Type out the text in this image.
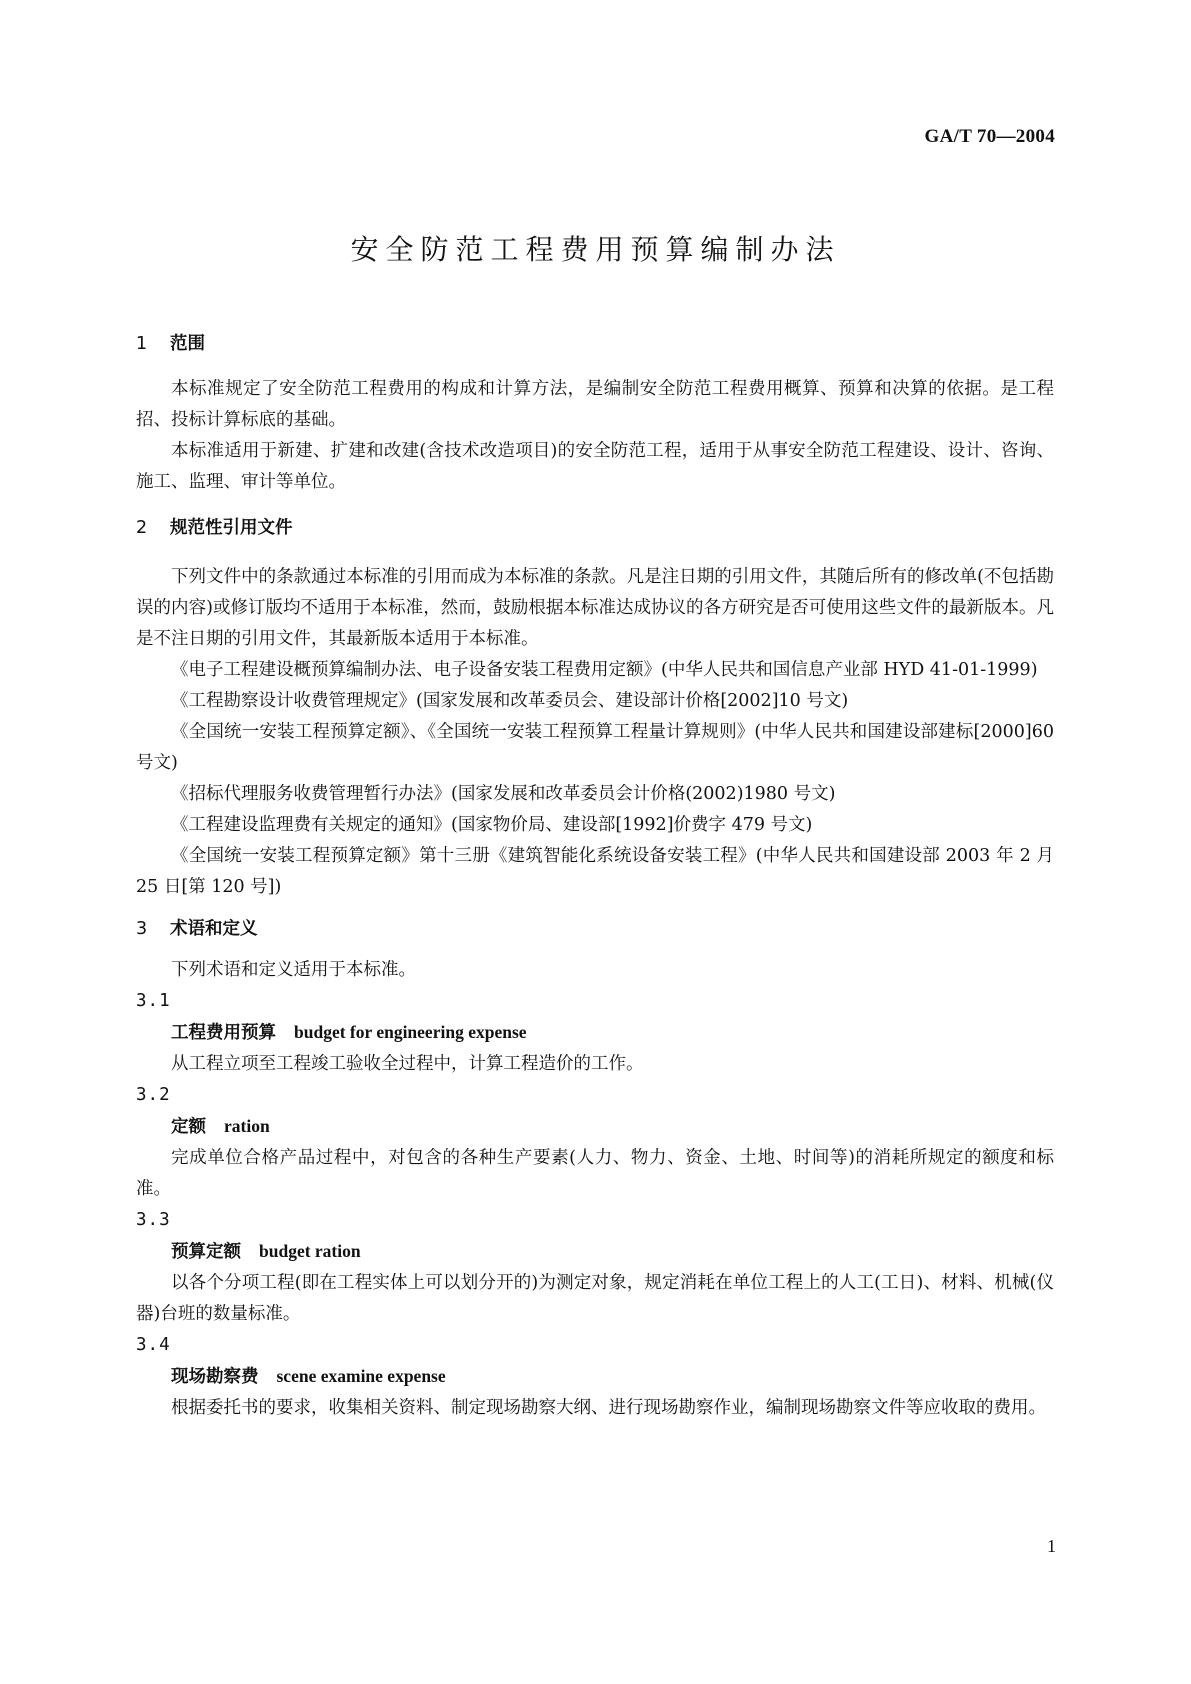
GA/T 70—2004
安全防范工程费用预算编制办法
1 范围

本标准规定了安全防范工程费用的构成和计算方法，是编制安全防范工程费用概算、预算和决算的依据。是工程招、投标计算标底的基础。

本标准适用于新建、扩建和改建(含技术改造项目)的安全防范工程，适用于从事安全防范工程建设、设计、咨询、施工、监理、审计等单位。

2 规范性引用文件

下列文件中的条款通过本标准的引用而成为本标准的条款。凡是注日期的引用文件，其随后所有的修改单(不包括勘误的内容)或修订版均不适用于本标准，然而，鼓励根据本标准达成协议的各方研究是否可使用这些文件的最新版本。凡是不注日期的引用文件，其最新版本适用于本标准。

《电子工程建设概预算编制办法、电子设备安装工程费用定额》(中华人民共和国信息产业部 HYD 41-01-1999)

《工程勘察设计收费管理规定》(国家发展和改革委员会、建设部计价格[2002]10 号文)

《全国统一安装工程预算定额》、《全国统一安装工程预算工程量计算规则》(中华人民共和国建设部建标[2000]60 号文)

《招标代理服务收费管理暂行办法》(国家发展和改革委员会计价格(2002)1980 号文)

《工程建设监理费有关规定的通知》(国家物价局、建设部[1992]价费字 479 号文)

《全国统一安装工程预算定额》第十三册《建筑智能化系统设备安装工程》(中华人民共和国建设部 2003 年 2 月 25 日[第 120 号])

3 术语和定义

下列术语和定义适用于本标准。

3.1

工程费用预算 budget for engineering expense

从工程立项至工程竣工验收全过程中，计算工程造价的工作。

3.2

定额 ration

完成单位合格产品过程中，对包含的各种生产要素(人力、物力、资金、土地、时间等)的消耗所规定的额度和标准。

3.3

预算定额 budget ration

以各个分项工程(即在工程实体上可以划分开的)为测定对象，规定消耗在单位工程上的人工(工日)、材料、机械(仪器)台班的数量标准。

3.4

现场勘察费 scene examine expense

根据委托书的要求，收集相关资料、制定现场勘察大纲、进行现场勘察作业，编制现场勘察文件等应收取的费用。

1
